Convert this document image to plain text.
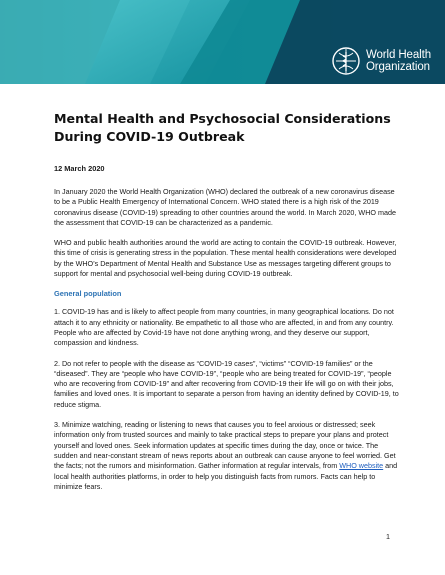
World Health
Organization
Mental Health and Psychosocial Considerations During COVID-19 Outbreak
12 March 2020

In January 2020 the World Health Organization (WHO) declared the outbreak of a new coronavirus disease to be a Public Health Emergency of International Concern. WHO stated there is a high risk of the 2019 coronavirus disease (COVID-19) spreading to other countries around the world. In March 2020, WHO made the assessment that COVID-19 can be characterized as a pandemic.

WHO and public health authorities around the world are acting to contain the COVID-19 outbreak. However, this time of crisis is generating stress in the population. These mental health considerations were developed by the WHO’s Department of Mental Health and Substance Use as messages targeting different groups to support for mental and psychosocial well-being during COVID-19 outbreak.

General population

1. COVID-19 has and is likely to affect people from many countries, in many geographical locations. Do not attach it to any ethnicity or nationality. Be empathetic to all those who are affected, in and from any country. People who are affected by Covid-19 have not done anything wrong, and they deserve our support, compassion and kindness.

2. Do not refer to people with the disease as “COVID-19 cases”, “victims” “COVID-19 families” or the “diseased”. They are “people who have COVID-19”, “people who are being treated for COVID-19”, “people who are recovering from COVID-19” and after recovering from COVID-19 their life will go on with their jobs, families and loved ones. It is important to separate a person from having an identity defined by COVID-19, to reduce stigma.

3. Minimize watching, reading or listening to news that causes you to feel anxious or distressed; seek information only from trusted sources and mainly to take practical steps to prepare your plans and protect yourself and loved ones. Seek information updates at specific times during the day, once or twice. The sudden and near-constant stream of news reports about an outbreak can cause anyone to feel worried. Get the facts; not the rumors and misinformation. Gather information at regular intervals, from WHO website and local health authorities platforms, in order to help you distinguish facts from rumors. Facts can help to minimize fears.

1
